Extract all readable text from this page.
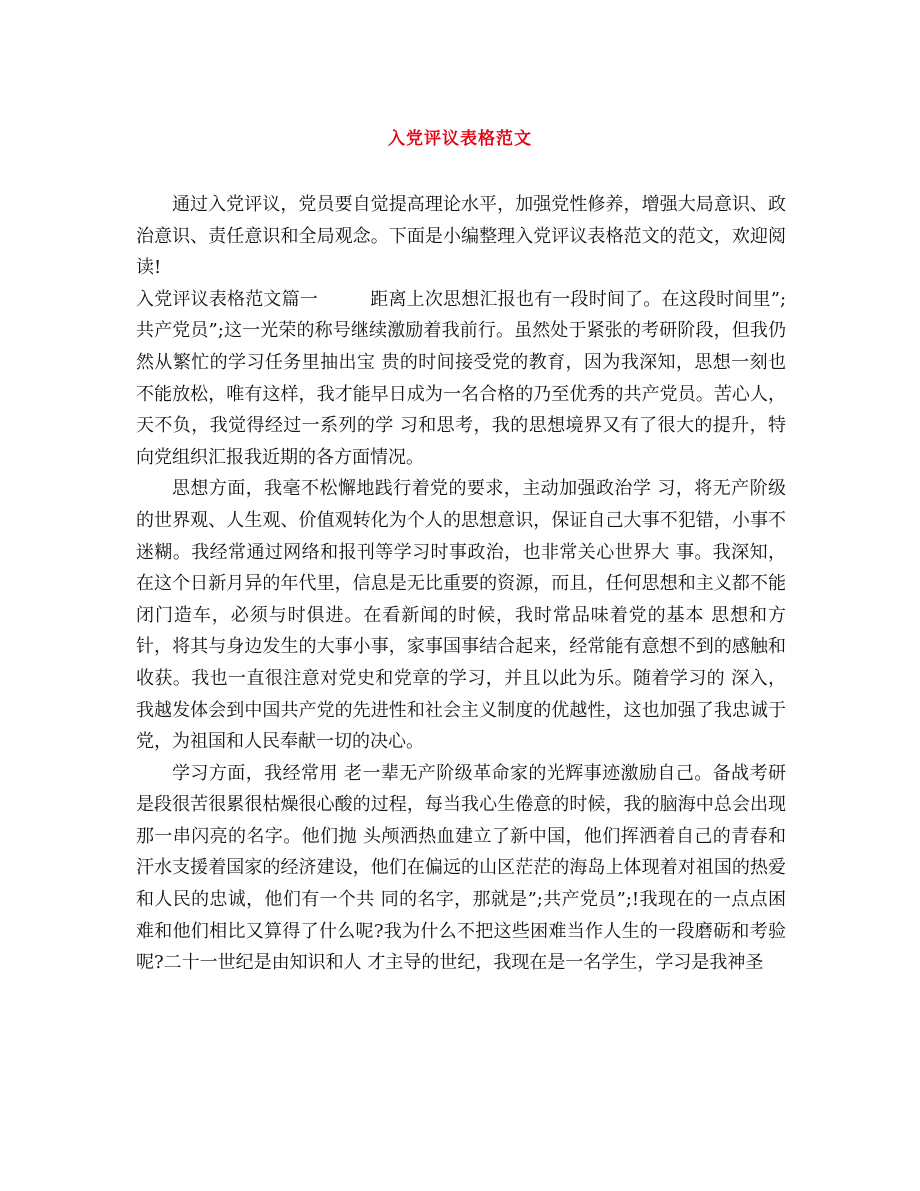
入党评议表格范文

通过入党评议，党员要自觉提高理论水平，加强党性修养，增强大局意识、政治意识、责任意识和全局观念。下面是小编整理入党评议表格范文的范文，欢迎阅读!

入党评议表格范文篇一	距离上次思想汇报也有一段时间了。在这段时间里”;共产党员”;这一光荣的称号继续激励着我前行。虽然处于紧张的考研阶段，但我仍然从繁忙的学习任务里抽出宝 贵的时间接受党的教育，因为我深知，思想一刻也不能放松，唯有这样，我才能早日成为一名合格的乃至优秀的共产党员。苦心人，天不负，我觉得经过一系列的学 习和思考，我的思想境界又有了很大的提升，特向党组织汇报我近期的各方面情况。

思想方面，我毫不松懈地践行着党的要求，主动加强政治学 习，将无产阶级的世界观、人生观、价值观转化为个人的思想意识，保证自己大事不犯错，小事不迷糊。我经常通过网络和报刊等学习时事政治，也非常关心世界大 事。我深知，在这个日新月异的年代里，信息是无比重要的资源，而且，任何思想和主义都不能闭门造车，必须与时俱进。在看新闻的时候，我时常品味着党的基本 思想和方针，将其与身边发生的大事小事，家事国事结合起来，经常能有意想不到的感触和收获。我也一直很注意对党史和党章的学习，并且以此为乐。随着学习的 深入，我越发体会到中国共产党的先进性和社会主义制度的优越性，这也加强了我忠诚于党，为祖国和人民奉献一切的决心。

学习方面，我经常用 老一辈无产阶级革命家的光辉事迹激励自己。备战考研是段很苦很累很枯燥很心酸的过程，每当我心生倦意的时候，我的脑海中总会出现那一串闪亮的名字。他们抛 头颅洒热血建立了新中国，他们挥洒着自己的青春和汗水支援着国家的经济建设，他们在偏远的山区茫茫的海岛上体现着对祖国的热爱和人民的忠诚，他们有一个共 同的名字，那就是”;共产党员”;!我现在的一点点困难和他们相比又算得了什么呢?我为什么不把这些困难当作人生的一段磨砺和考验呢?二十一世纪是由知识和人 才主导的世纪，我现在是一名学生，学习是我神圣
